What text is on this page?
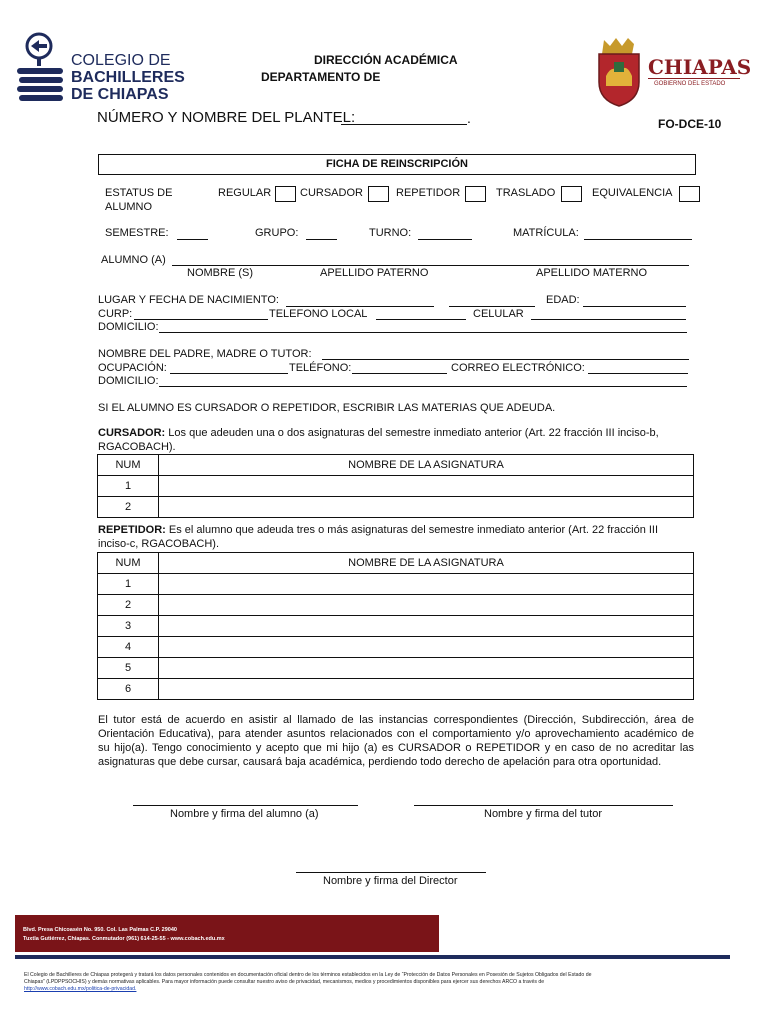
COLEGIO DE
BACHILLERES
DE CHIAPAS
DIRECCIÓN ACADÉMICA
DEPARTAMENTO DE	CHIAPAS
GOBIERNO DEL ESTADO
NÚMERO Y NOMBRE DEL PLANTEL:	.	FO-DCE-10
FICHA DE REINSCRIPCIÓN
ESTATUS DE
ALUMNO
REGULAR	CURSADOR	REPETIDOR	TRASLADO	EQUIVALENCIA
SEMESTRE:	GRUPO:	TURNO:	MATRÍCULA:
ALUMNO (A)
NOMBRE (S)	APELLIDO PATERNO	APELLIDO MATERNO
LUGAR Y FECHA DE NACIMIENTO:	EDAD:
CURP:	TELEFONO LOCAL	CELULAR
DOMICILIO:
NOMBRE DEL PADRE, MADRE O TUTOR:
OCUPACIÓN:	TELÉFONO:	CORREO ELECTRÓNICO:
DOMICILIO:
SI EL ALUMNO ES CURSADOR O REPETIDOR, ESCRIBIR LAS MATERIAS QUE ADEUDA.
CURSADOR: Los que adeuden una o dos asignaturas del semestre inmediato anterior (Art. 22 fracción III inciso-b,
RGACOBACH).
NUM	NOMBRE DE LA ASIGNATURA
1	
2	
REPETIDOR: Es el alumno que adeuda tres o más asignaturas del semestre inmediato anterior (Art. 22 fracción III
inciso-c, RGACOBACH).
NUM	NOMBRE DE LA ASIGNATURA
1	
2	
3	
4	
5	
6	
El tutor está de acuerdo en asistir al llamado de las instancias correspondientes (Dirección, Subdirección, área de
Orientación Educativa), para atender asuntos relacionados con el comportamiento y/o aprovechamiento académico de
su hijo(a). Tengo conocimiento y acepto que mi hijo (a) es CURSADOR o REPETIDOR y en caso de no acreditar las
asignaturas que debe cursar, causará baja académica, perdiendo todo derecho de apelación para otra oportunidad.
Nombre y firma del alumno (a)	Nombre y firma del tutor
Nombre y firma del Director
Blvd. Presa Chicoasén No. 950. Col. Las Palmas C.P. 29040
Tuxtla Gutiérrez, Chiapas. Conmutador (961) 614-25-55 - www.cobach.edu.mx
El Colegio de Bachilleres de Chiapas protegerá y tratará los datos personales contenidos en documentación oficial dentro de los términos establecidos en la Ley de “Protección de Datos Personales en Posesión de Sujetos Obligados del Estado de
Chiapas” (LPDPPSOCHIS) y demás normativas aplicables. Para mayor información puede consultar nuestro aviso de privacidad, mecanismos, medios y procedimientos disponibles para ejercer sus derechos ARCO a través de
http://www.cobach.edu.mx/politica-de-privacidad.
